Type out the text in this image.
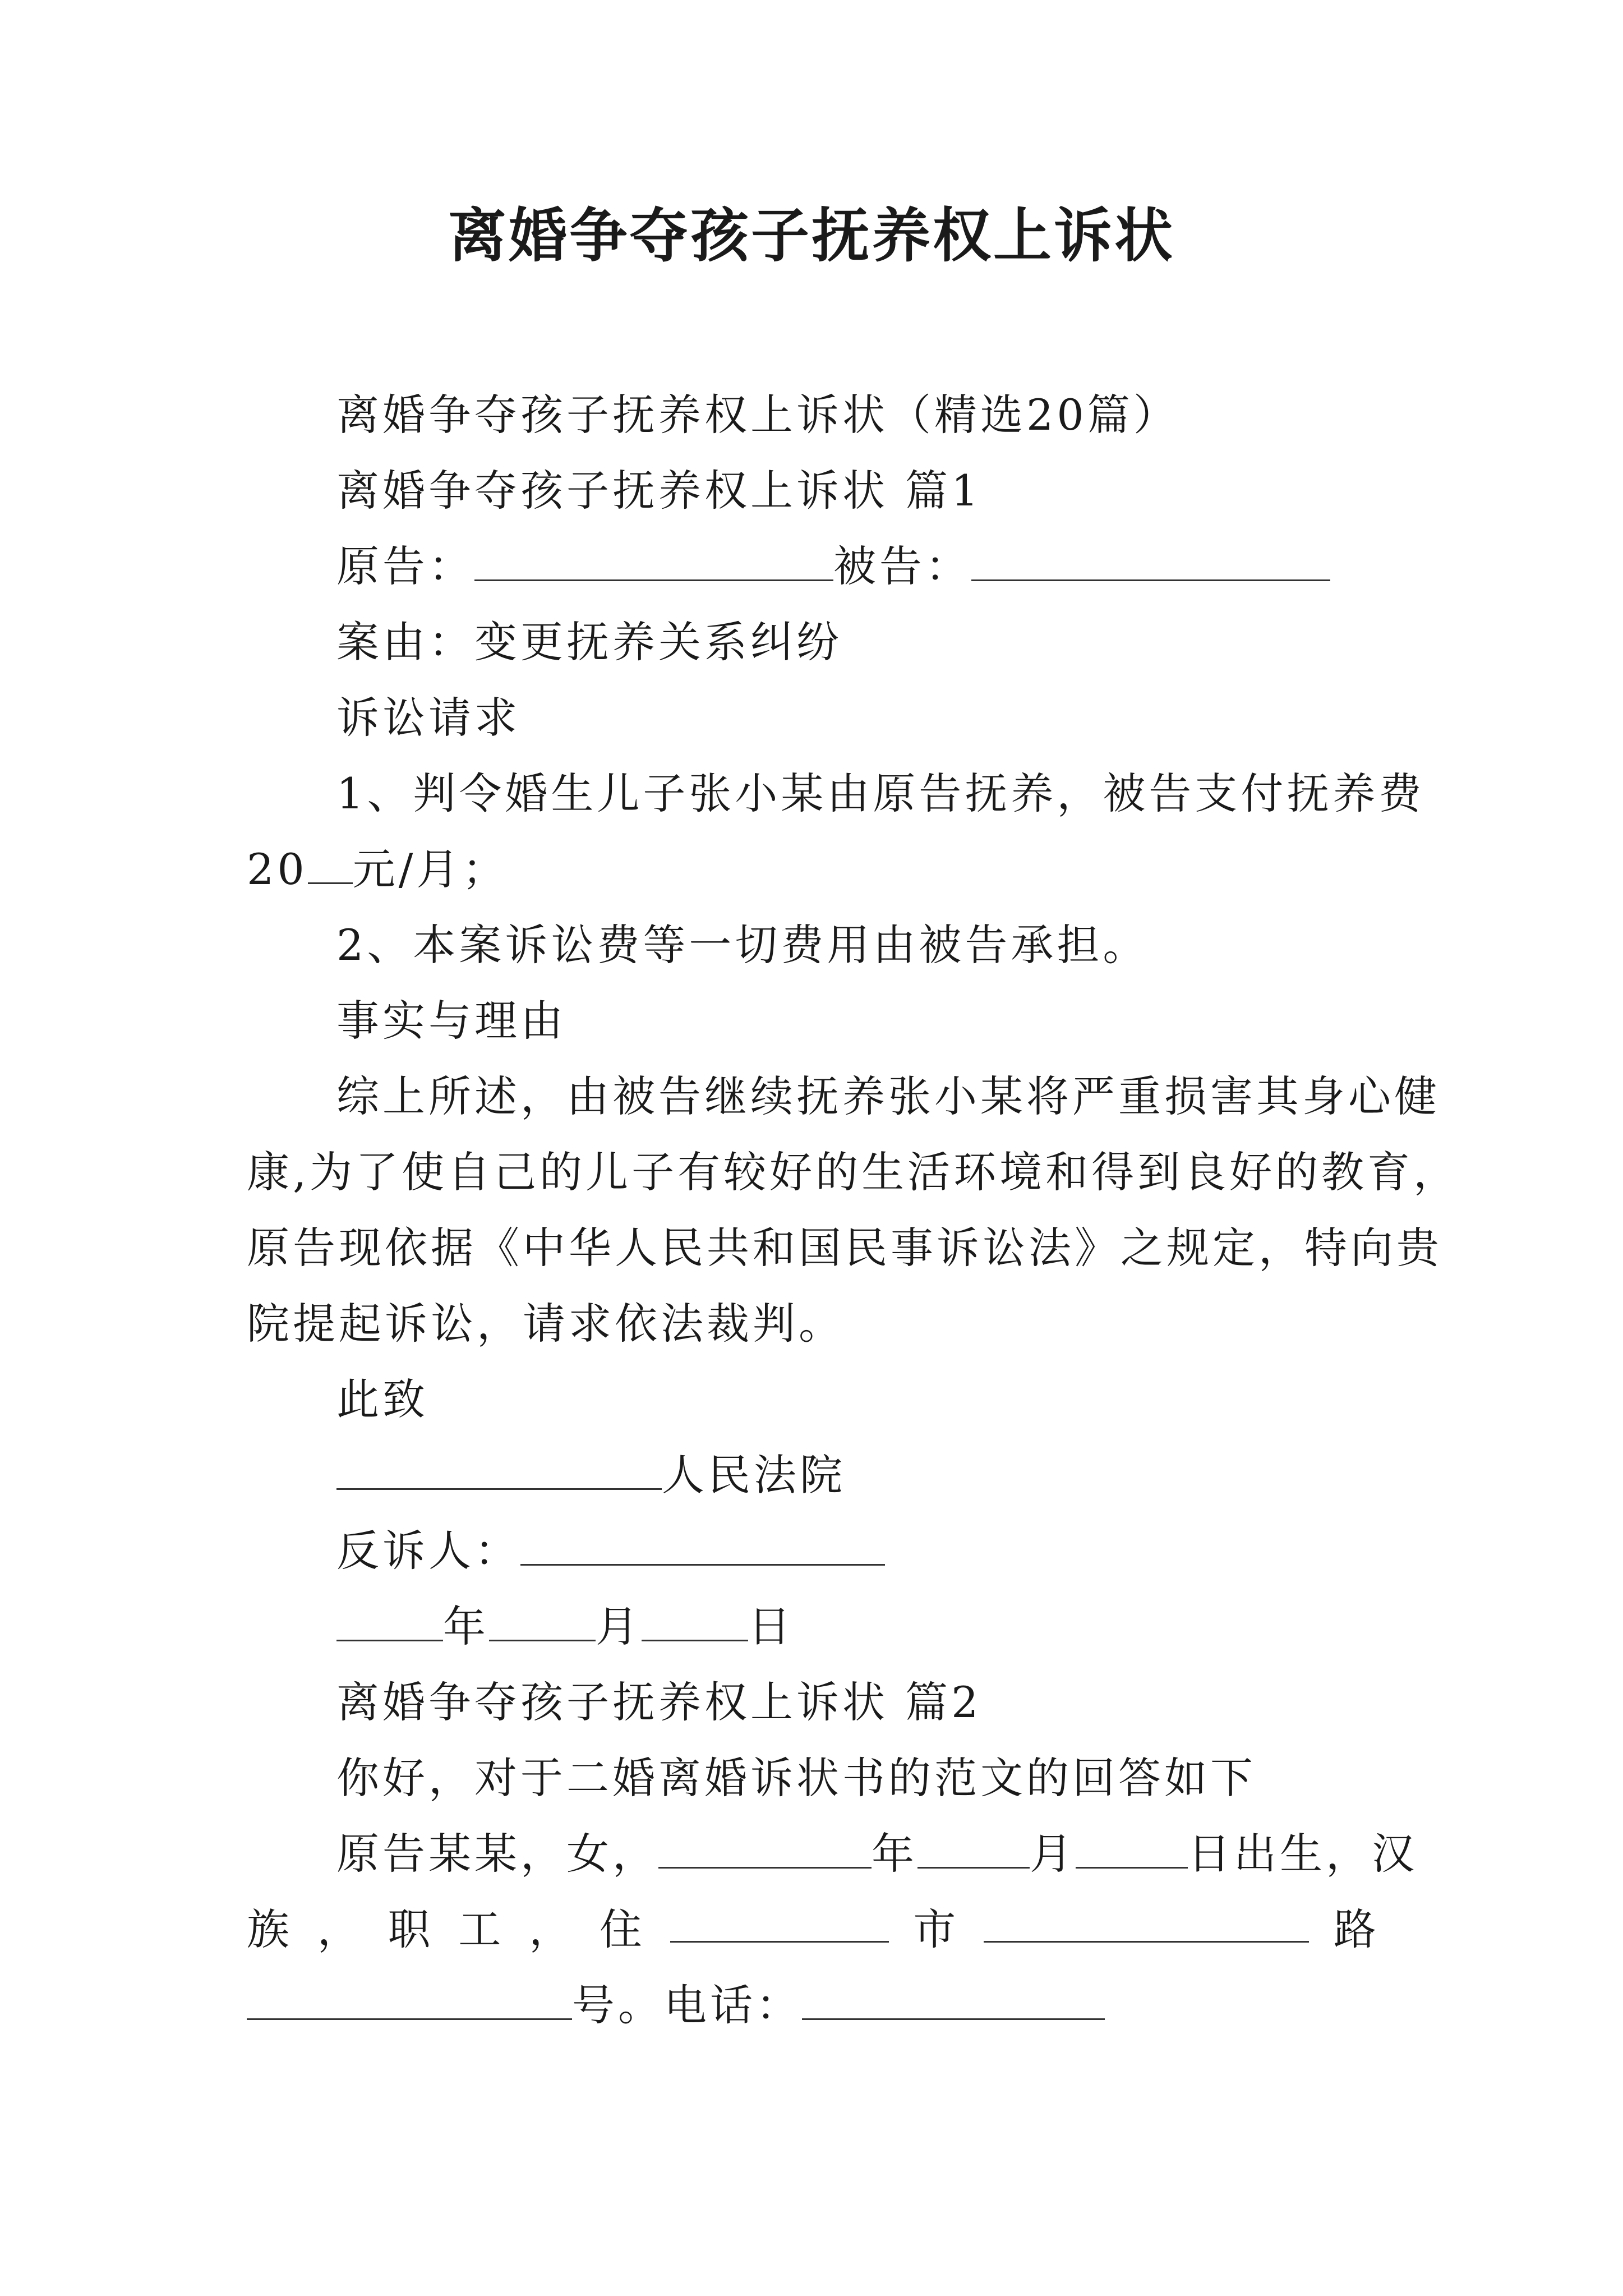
离婚争夺孩子抚养权上诉状
离婚争夺孩子抚养权上诉状（精选20篇）
离婚争夺孩子抚养权上诉状 篇1
原告：	被告：
案由：变更抚养关系纠纷
诉讼请求
1、判令婚生儿子张小某由原告抚养，被告支付抚养费
20 元/月；
2、本案诉讼费等一切费用由被告承担。
事实与理由
综上所述，由被告继续抚养张小某将严重损害其身心健
康,为了使自己的儿子有较好的生活环境和得到良好的教育，
原告现依据《中华人民共和国民事诉讼法》之规定，特向贵
院提起诉讼，请求依法裁判。
此致
人民法院
反诉人：
年	月	日
离婚争夺孩子抚养权上诉状 篇2
你好，对于二婚离婚诉状书的范文的回答如下
原告某某，女，	年	月	日出生，汉
族 ， 职 工 ， 住	市	路
号。电话：
